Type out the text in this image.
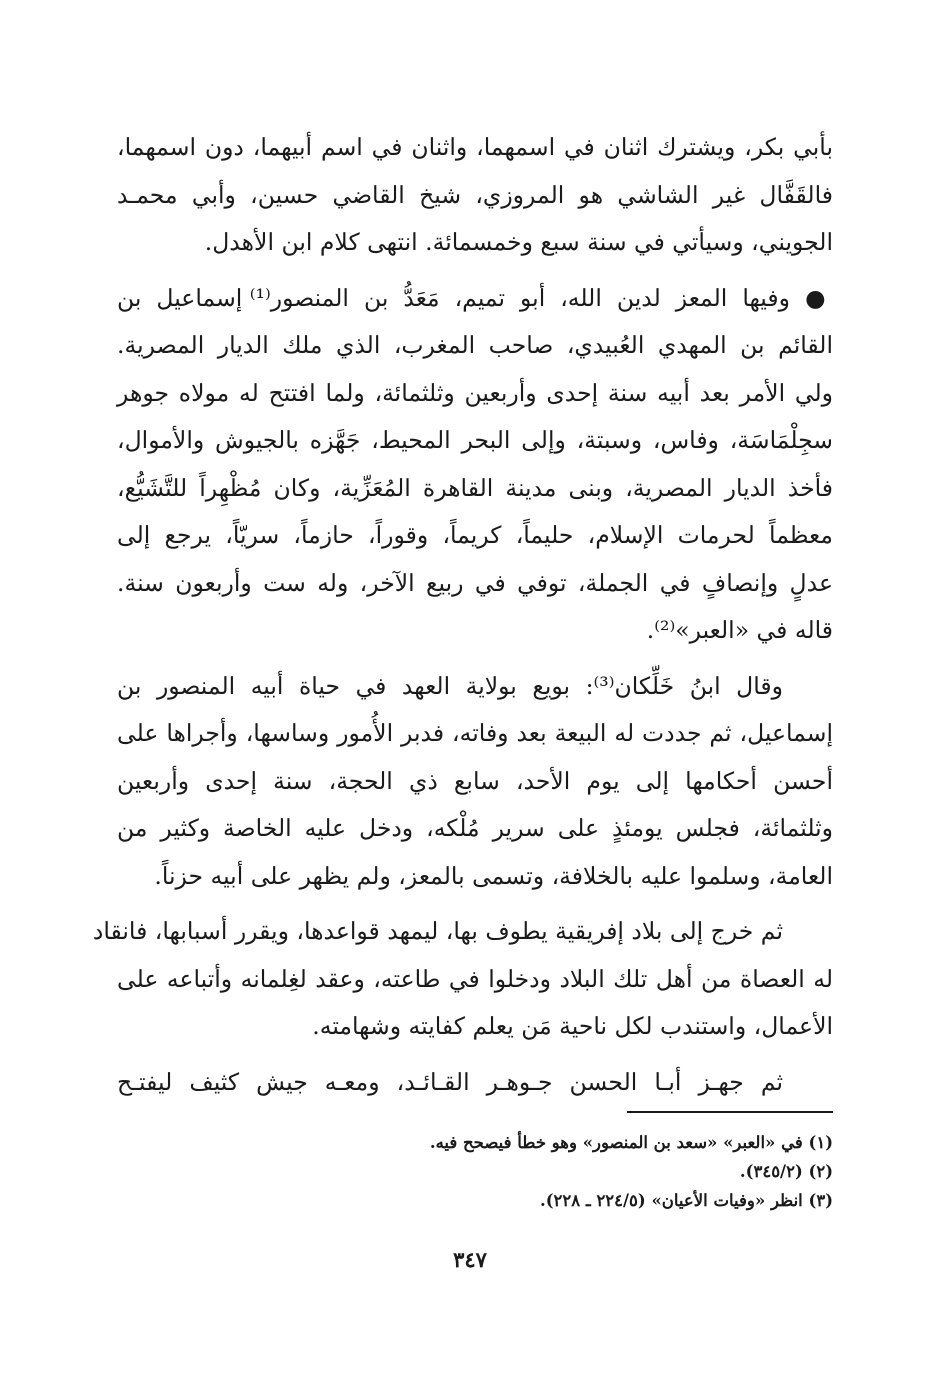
بأبي بكر، ويشترك اثنان في اسمهما، واثنان في اسم أبيهما، دون اسمهما،
فالقَفَّال غير الشاشي هو المروزي، شيخ القاضي حسين، وأبي محمـد
الجويني، وسيأتي في سنة سبع وخمسمائة. انتهى كلام ابن الأهدل.
● وفيها المعز لدين الله، أبو تميم، مَعَدُّ بن المنصور⁽¹⁾ إسماعيل بن
القائم بن المهدي العُبيدي، صاحب المغرب، الذي ملك الديار المصرية.
ولي الأمر بعد أبيه سنة إحدى وأربعين وثلثمائة، ولما افتتح له مولاه جوهر
سجِلْمَاسَة، وفاس، وسبتة، وإلى البحر المحيط، جَهَّزه بالجيوش والأموال،
فأخذ الديار المصرية، وبنى مدينة القاهرة المُعَزِّية، وكان مُظْهِراً للتَّشَيُّع،
معظماً لحرمات الإسلام، حليماً، كريماً، وقوراً، حازماً، سريّاً، يرجع إلى
عدلٍ وإنصافٍ في الجملة، توفي في ربيع الآخر، وله ست وأربعون سنة.
قاله في «العبر»⁽²⁾.
وقال ابنُ خَلِّكان⁽³⁾: بويع بولاية العهد في حياة أبيه المنصور بن
إسماعيل، ثم جددت له البيعة بعد وفاته، فدبر الأُمور وساسها، وأجراها على
أحسن أحكامها إلى يوم الأحد، سابع ذي الحجة، سنة إحدى وأربعين
وثلثمائة، فجلس يومئذٍ على سرير مُلْكه، ودخل عليه الخاصة وكثير من
العامة، وسلموا عليه بالخلافة، وتسمى بالمعز، ولم يظهر على أبيه حزناً.
ثم خرج إلى بلاد إفريقية يطوف بها، ليمهد قواعدها، ويقرر أسبابها، فانقاد
له العصاة من أهل تلك البلاد ودخلوا في طاعته، وعقد لغِلمانه وأتباعه على
الأعمال، واستندب لكل ناحية مَن يعلم كفايته وشهامته.
ثم جهـز أبـا الحسن جـوهـر القـائـد، ومعـه جيش كثيف ليفتـح
(١) في «العبر» «سعد بن المنصور» وهو خطأ فيصحح فيه.
(٢) (٣٤٥/٢).
(٣) انظر «وفيات الأعيان» (٢٢٤/٥ ـ ٢٢٨).
٣٤٧
